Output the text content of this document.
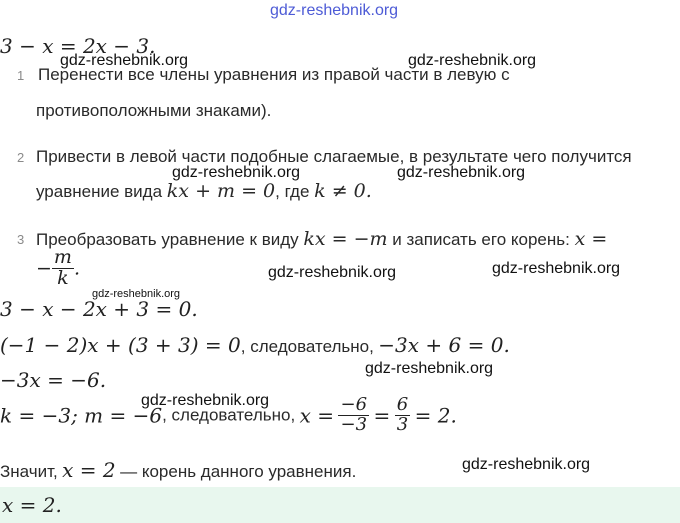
gdz-reshebnik.org
3 − x = 2x − 3.
1 Перенести все члены уравнения из правой части в левую с
противоположными знаками).
2 Привести в левой части подобные слагаемые, в результате чего получится
уравнение вида kx + m = 0, где k ≠ 0.
3 Преобразовать уравнение к виду kx = −m и записать его корень: x =
− $\frac{m}{k}$ .
3 − x − 2x + 3 = 0.
(−1 − 2)x + (3 + 3) = 0, следовательно, −3x + 6 = 0.
−3x = −6.
k = −3; m = −6, следовательно, $x = \frac{-6}{-3} = \frac{6}{3} = 2$.
Значит, x = 2 — корень данного уравнения.
x = 2.
gdz-reshebnik.org	gdz-reshebnik.org
gdz-reshebnik.org	gdz-reshebnik.org
gdz-reshebnik.org	gdz-reshebnik.org
gdz-reshebnik.org
gdz-reshebnik.org
gdz-reshebnik.org
gdz-reshebnik.org
